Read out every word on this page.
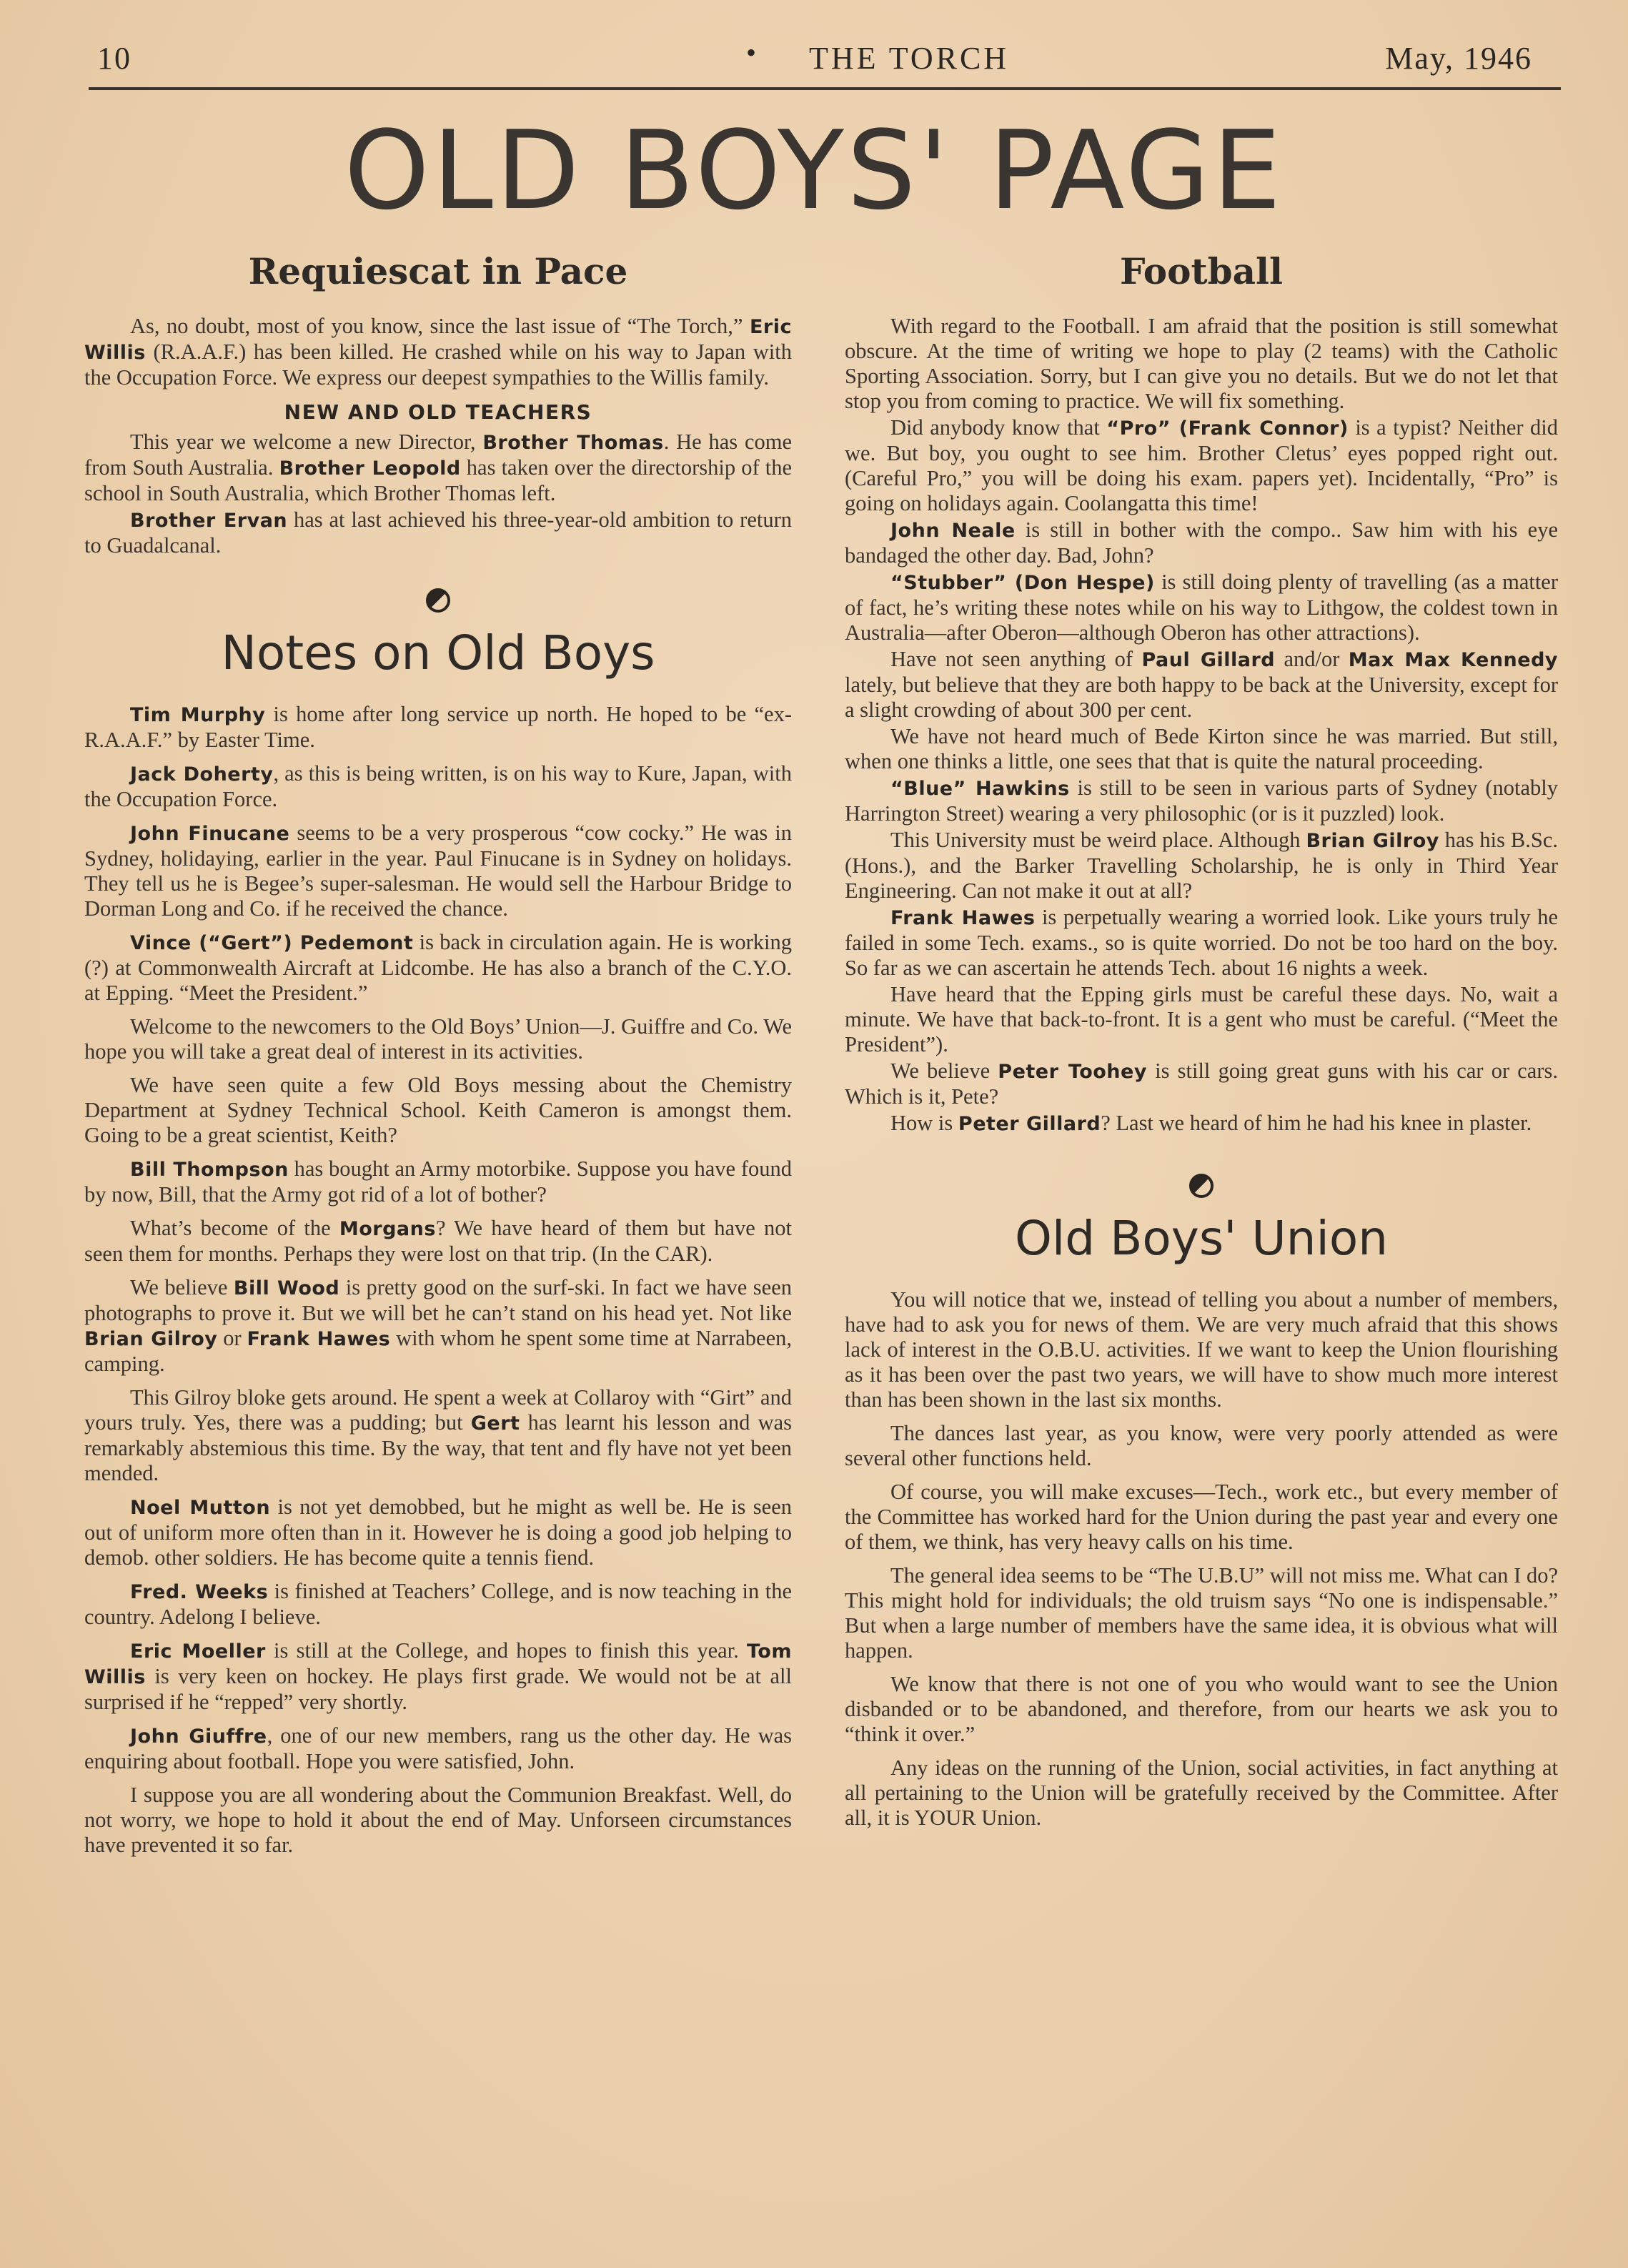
10	• THE TORCH	May, 1946
OLD BOYS' PAGE
Requiescat in Pace

As, no doubt, most of you know, since the last issue of “The Torch,” Eric Willis (R.A.A.F.) has been killed. He crashed while on his way to Japan with the Occupation Force. We express our deepest sympathies to the Willis family.

NEW AND OLD TEACHERS

This year we welcome a new Director, Brother Thomas. He has come from South Australia. Brother Leopold has taken over the directorship of the school in South Australia, which Brother Thomas left.

Brother Ervan has at last achieved his three-year-old ambition to return to Guadalcanal.

Notes on Old Boys

Tim Murphy is home after long service up north. He hoped to be “ex-R.A.A.F.” by Easter Time.

Jack Doherty, as this is being written, is on his way to Kure, Japan, with the Occupation Force.

John Finucane seems to be a very prosperous “cow cocky.” He was in Sydney, holidaying, earlier in the year. Paul Finucane is in Sydney on holidays. They tell us he is Begee’s super-salesman. He would sell the Harbour Bridge to Dorman Long and Co. if he received the chance.

Vince (“Gert”) Pedemont is back in circulation again. He is working (?) at Commonwealth Aircraft at Lidcombe. He has also a branch of the C.Y.O. at Epping. “Meet the President.”

Welcome to the newcomers to the Old Boys’ Union—J. Guiffre and Co. We hope you will take a great deal of interest in its activities.

We have seen quite a few Old Boys messing about the Chemistry Department at Sydney Technical School. Keith Cameron is amongst them. Going to be a great scientist, Keith?

Bill Thompson has bought an Army motorbike. Suppose you have found by now, Bill, that the Army got rid of a lot of bother?

What’s become of the Morgans? We have heard of them but have not seen them for months. Perhaps they were lost on that trip. (In the CAR).

We believe Bill Wood is pretty good on the surf-ski. In fact we have seen photographs to prove it. But we will bet he can’t stand on his head yet. Not like Brian Gilroy or Frank Hawes with whom he spent some time at Narrabeen, camping.

This Gilroy bloke gets around. He spent a week at Collaroy with “Girt” and yours truly. Yes, there was a pudding; but Gert has learnt his lesson and was remarkably abstemious this time. By the way, that tent and fly have not yet been mended.

Noel Mutton is not yet demobbed, but he might as well be. He is seen out of uniform more often than in it. However he is doing a good job helping to demob. other soldiers. He has become quite a tennis fiend.

Fred. Weeks is finished at Teachers’ College, and is now teaching in the country. Adelong I believe.

Eric Moeller is still at the College, and hopes to finish this year. Tom Willis is very keen on hockey. He plays first grade. We would not be at all surprised if he “repped” very shortly.

John Giuffre, one of our new members, rang us the other day. He was enquiring about football. Hope you were satisfied, John.

I suppose you are all wondering about the Communion Breakfast. Well, do not worry, we hope to hold it about the end of May. Unforseen circumstances have prevented it so far.

Football

With regard to the Football. I am afraid that the position is still somewhat obscure. At the time of writing we hope to play (2 teams) with the Catholic Sporting Association. Sorry, but I can give you no details. But we do not let that stop you from coming to practice. We will fix something.

Did anybody know that “Pro” (Frank Connor) is a typist? Neither did we. But boy, you ought to see him. Brother Cletus’ eyes popped right out. (Careful Pro,” you will be doing his exam. papers yet). Incidentally, “Pro” is going on holidays again. Coolangatta this time!

John Neale is still in bother with the compo.. Saw him with his eye bandaged the other day. Bad, John?

“Stubber” (Don Hespe) is still doing plenty of travelling (as a matter of fact, he’s writing these notes while on his way to Lithgow, the coldest town in Australia—after Oberon—although Oberon has other attractions).

Have not seen anything of Paul Gillard and/or Max Max Kennedy lately, but believe that they are both happy to be back at the University, except for a slight crowding of about 300 per cent.

We have not heard much of Bede Kirton since he was married. But still, when one thinks a little, one sees that that is quite the natural proceeding.

“Blue” Hawkins is still to be seen in various parts of Sydney (notably Harrington Street) wearing a very philosophic (or is it puzzled) look.

This University must be weird place. Although Brian Gilroy has his B.Sc. (Hons.), and the Barker Travelling Scholarship, he is only in Third Year Engineering. Can not make it out at all?

Frank Hawes is perpetually wearing a worried look. Like yours truly he failed in some Tech. exams., so is quite worried. Do not be too hard on the boy. So far as we can ascertain he attends Tech. about 16 nights a week.

Have heard that the Epping girls must be careful these days. No, wait a minute. We have that back-to-front. It is a gent who must be careful. (“Meet the President”).

We believe Peter Toohey is still going great guns with his car or cars. Which is it, Pete?

How is Peter Gillard? Last we heard of him he had his knee in plaster.

Old Boys' Union

You will notice that we, instead of telling you about a number of members, have had to ask you for news of them. We are very much afraid that this shows lack of interest in the O.B.U. activities. If we want to keep the Union flourishing as it has been over the past two years, we will have to show much more interest than has been shown in the last six months.

The dances last year, as you know, were very poorly attended as were several other functions held.

Of course, you will make excuses—Tech., work etc., but every member of the Committee has worked hard for the Union during the past year and every one of them, we think, has very heavy calls on his time.

The general idea seems to be “The U.B.U” will not miss me. What can I do? This might hold for individuals; the old truism says “No one is indispensable.” But when a large number of members have the same idea, it is obvious what will happen.

We know that there is not one of you who would want to see the Union disbanded or to be abandoned, and therefore, from our hearts we ask you to “think it over.”

Any ideas on the running of the Union, social activities, in fact anything at all pertaining to the Union will be gratefully received by the Committee. After all, it is YOUR Union.
